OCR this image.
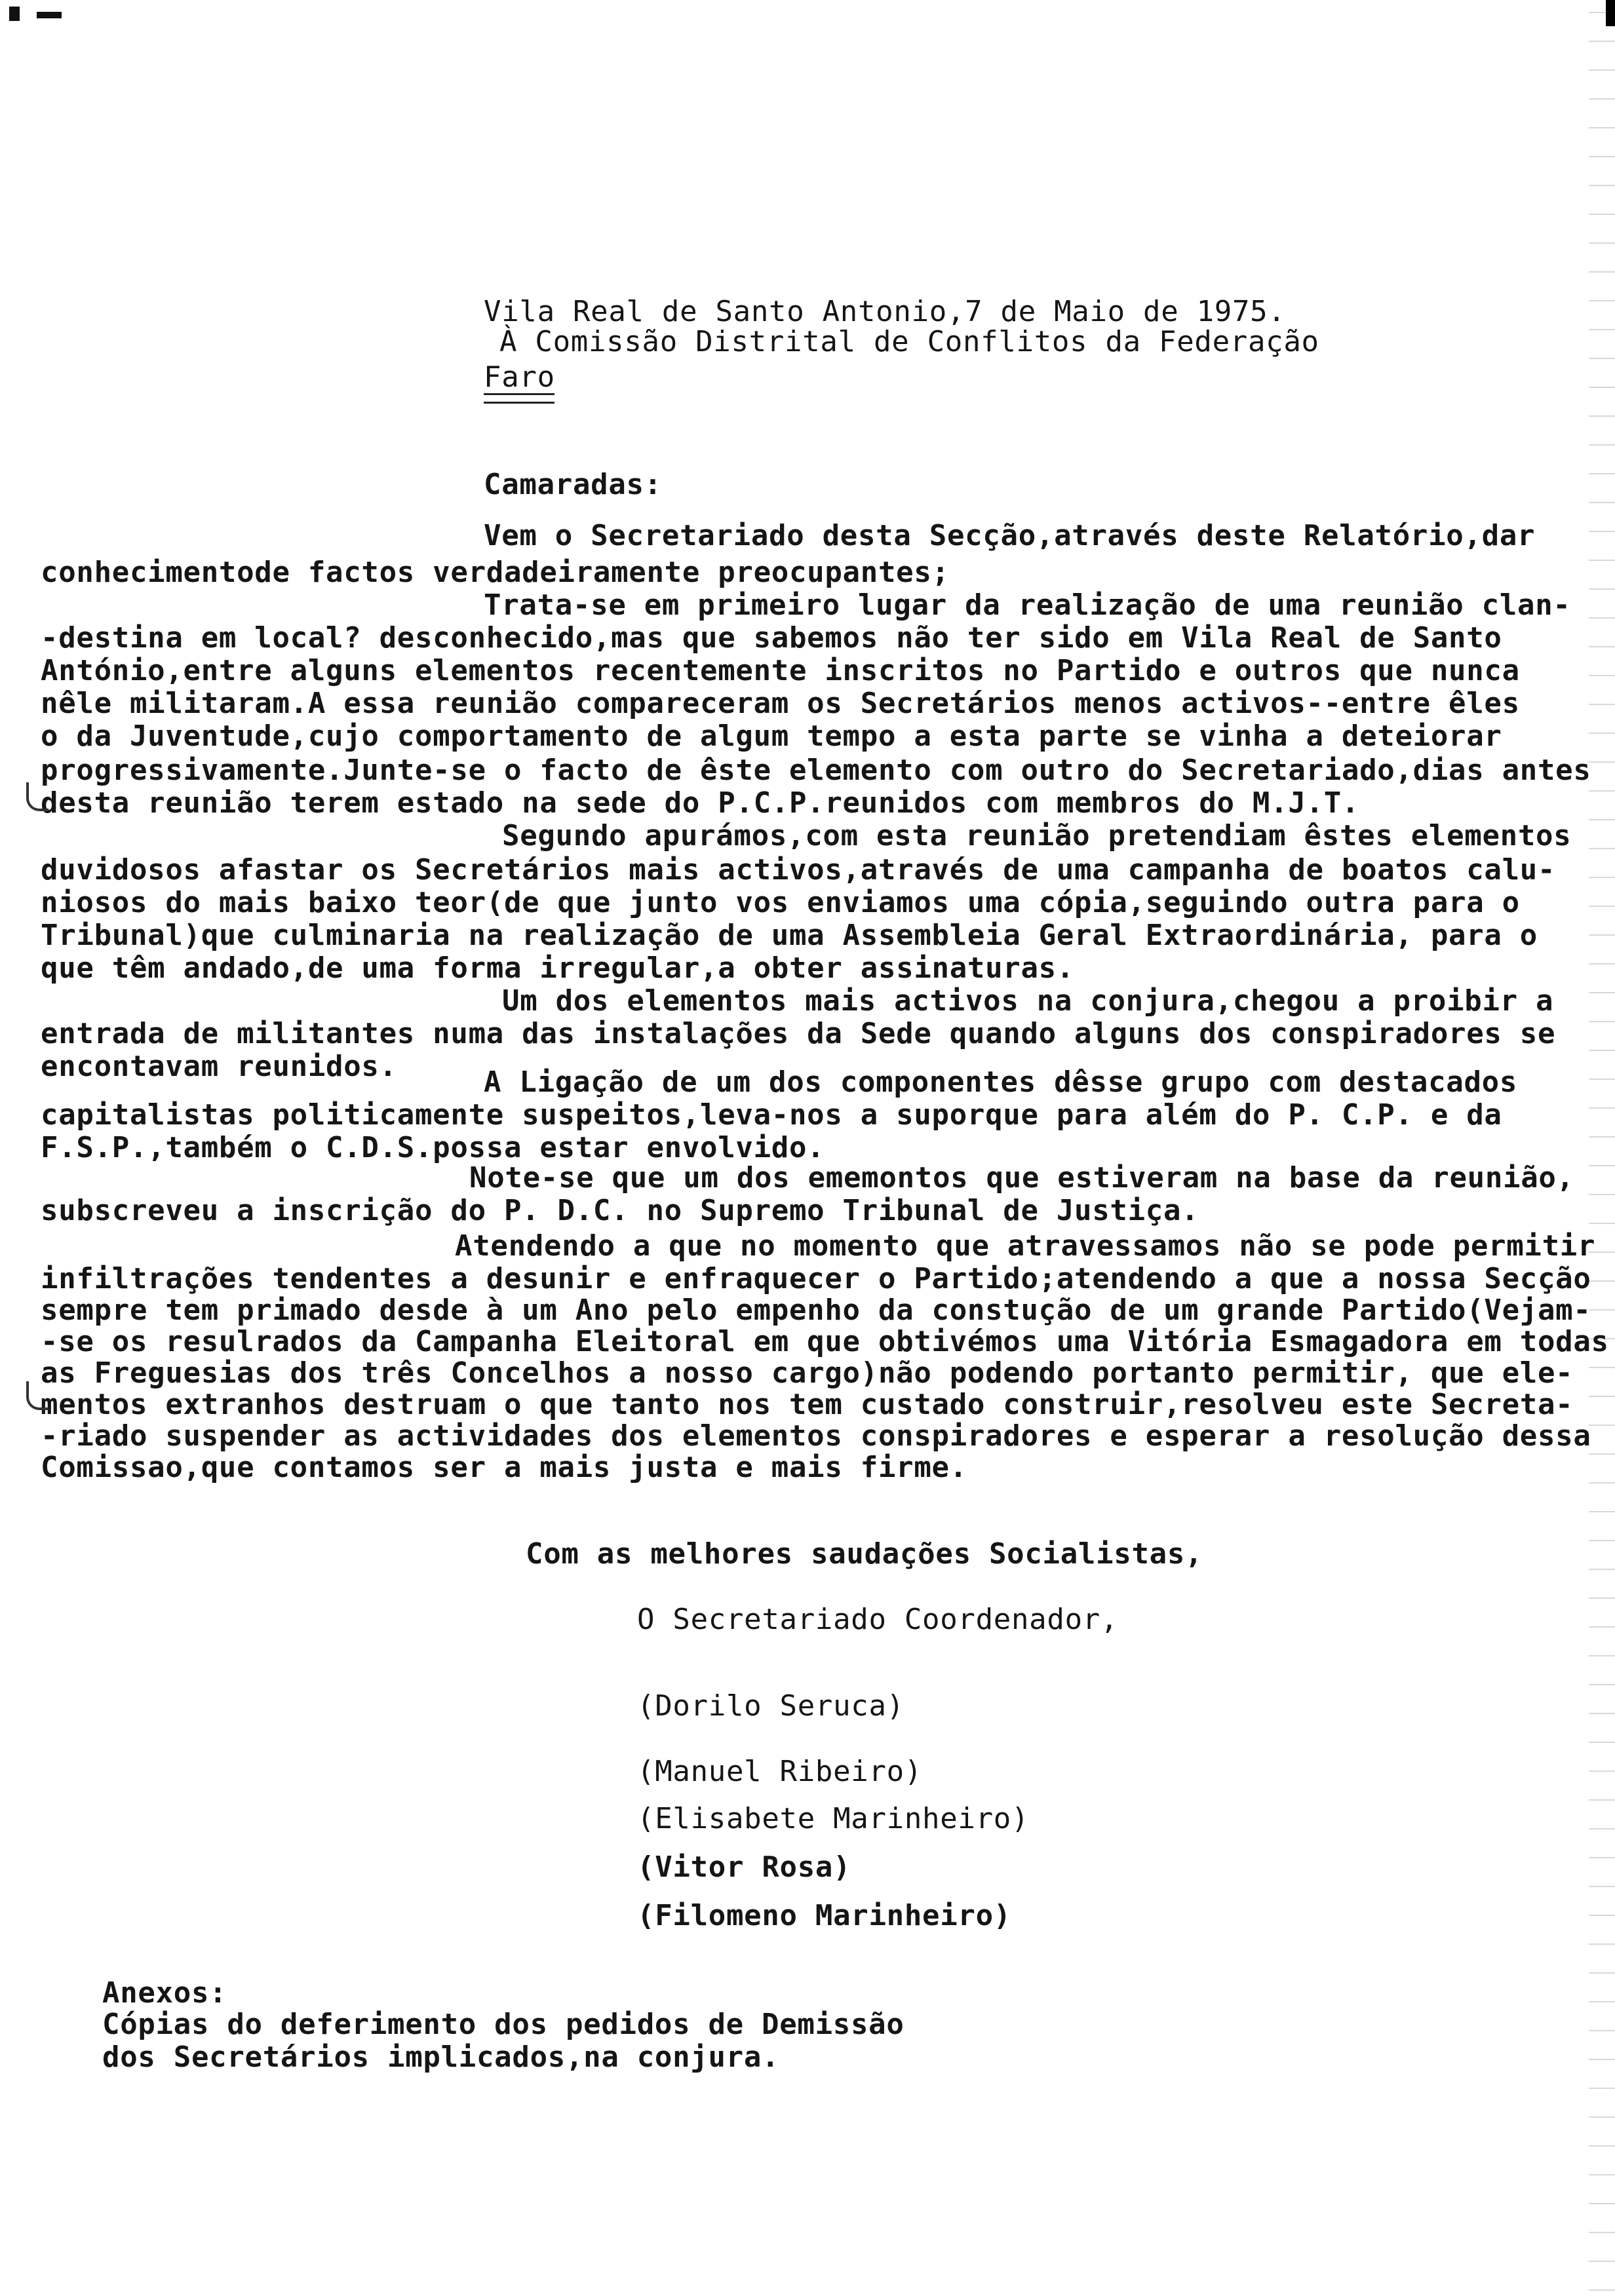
Vila Real de Santo Antonio,7 de Maio de 1975.

À Comissão Distrital de Conflitos da Federação

Faro

Camaradas:

Vem o Secretariado desta Secção,através deste Relatório,dar

conhecimentode factos verdadeiramente preocupantes;

Trata-se em primeiro lugar da realização de uma reunião clan-

-destina em local? desconhecido,mas que sabemos não ter sido em Vila Real de Santo

António,entre alguns elementos recentemente inscritos no Partido e outros que nunca

nêle militaram.A essa reunião compareceram os Secretários menos activos--entre êles

o da Juventude,cujo comportamento de algum tempo a esta parte se vinha a deteiorar

progressivamente.Junte-se o facto de êste elemento com outro do Secretariado,dias antes

desta reunião terem estado na sede do P.C.P.reunidos com membros do M.J.T.

Segundo apurámos,com esta reunião pretendiam êstes elementos

duvidosos afastar os Secretários mais activos,através de uma campanha de boatos calu-

niosos do mais baixo teor(de que junto vos enviamos uma cópia,seguindo outra para o

Tribunal)que culminaria na realização de uma Assembleia Geral Extraordinária, para o

que têm andado,de uma forma irregular,a obter assinaturas.

Um dos elementos mais activos na conjura,chegou a proibir a

entrada de militantes numa das instalações da Sede quando alguns dos conspiradores se

encontavam reunidos.	A Ligação de um dos componentes dêsse grupo com destacados

capitalistas politicamente suspeitos,leva-nos a suporque para além do P. C.P. e da

F.S.P.,também o C.D.S.possa estar envolvido.

Note-se que um dos ememontos que estiveram na base da reunião,

subscreveu a inscrição do P. D.C. no Supremo Tribunal de Justiça.

Atendendo a que no momento que atravessamos não se pode permitir

infiltrações tendentes a desunir e enfraquecer o Partido;atendendo a que a nossa Secção

sempre tem primado desde à um Ano pelo empenho da constução de um grande Partido(Vejam-

-se os resulrados da Campanha Eleitoral em que obtivémos uma Vitória Esmagadora em todas

as Freguesias dos três Concelhos a nosso cargo)não podendo portanto permitir, que ele-

mentos extranhos destruam o que tanto nos tem custado construir,resolveu este Secreta-

-riado suspender as actividades dos elementos conspiradores e esperar a resolução dessa

Comissao,que contamos ser a mais justa e mais firme.

Com as melhores saudações Socialistas,

O Secretariado Coordenador,

(Dorilo Seruca)

(Manuel Ribeiro)

(Elisabete Marinheiro)

(Vitor Rosa)

(Filomeno Marinheiro)

Anexos:

Cópias do deferimento dos pedidos de Demissão

dos Secretários implicados,na conjura.
